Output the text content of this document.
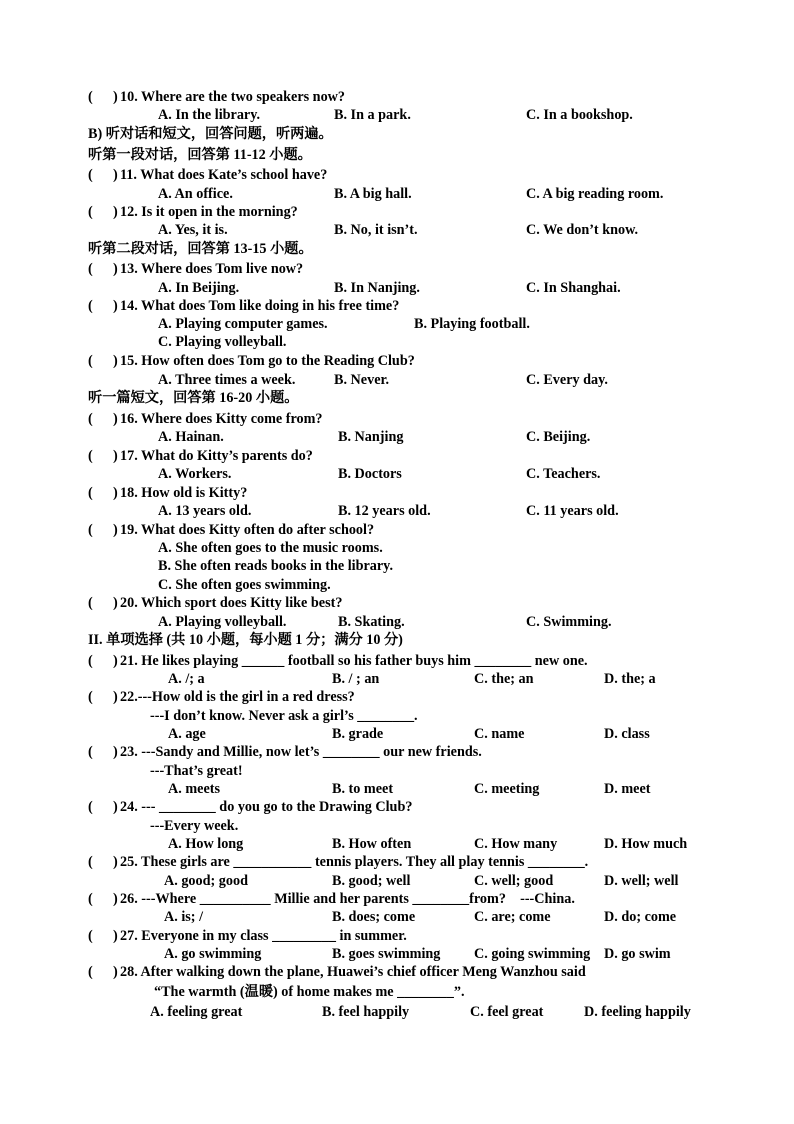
( 10. Where are the two speakers now?
A. In the library.	B. In a park.	C. In a bookshop.
)
B) 听对话和短文，回答问题，听两遍。
听第一段对话，回答第 11-12 小题。
( ) 11. What does Kate’s school have?
A. An office.	B. A big hall.	C. A big reading room.
( ) 12. Is it open in the morning?
A. Yes, it is.	B. No, it isn’t.	C. We don’t know.
听第二段对话，回答第 13-15 小题。
( ) 13. Where does Tom live now?
A. In Beijing.	B. In Nanjing.	C. In Shanghai.
( ) 14. What does Tom like doing in his free time?
A. Playing computer games.	B. Playing football.
C. Playing volleyball.
( ) 15. How often does Tom go to the Reading Club?
A. Three times a week.	B. Never.	C. Every day.
听一篇短文，回答第 16-20 小题。
( ) 16. Where does Kitty come from?
A. Hainan.	B. Nanjing	C. Beijing.
( ) 17. What do Kitty’s parents do?
A. Workers.	B. Doctors	C. Teachers.
( ) 18. How old is Kitty?
A. 13 years old.	B. 12 years old.	C. 11 years old.
( ) 19. What does Kitty often do after school?
A. She often goes to the music rooms.
B. She often reads books in the library.
C. She often goes swimming.
( ) 20. Which sport does Kitty like best?
A. Playing volleyball.	B. Skating.	C. Swimming.
II. 单项选择 (共 10 小题，每小题 1 分；满分 10 分)
( ) 21. He likes playing ______ football so his father buys him ________ new one.
A. /; a	B. / ; an	C. the; an	D. the; a
( ) 22.---How old is the girl in a red dress?
---I don’t know. Never ask a girl’s ________.
A. age	B. grade	C. name	D. class
( ) 23. ---Sandy and Millie, now let’s ________ our new friends.
---That’s great!
A. meets	B. to meet	C. meeting	D. meet
( ) 24. --- ________ do you go to the Drawing Club?
---Every week.
A. How long	B. How often	C. How many	D. How much
( ) 25. These girls are ___________ tennis players. They all play tennis ________.
A. good; good	B. good; well	C. well; good	D. well; well
( ) 26. ---Where __________ Millie and her parents ________from?    ---China.
A. is; /	B. does; come	C. are; come	D. do; come
( ) 27. Everyone in my class _________ in summer.
A. go swimming	B. goes swimming C. going swimming D. go swim
( ) 28. After walking down the plane, Huawei’s chief officer Meng Wanzhou said
“The warmth (温暖) of home makes me ________”.
A. feeling great	B. feel happily	C. feel great	D. feeling happily
